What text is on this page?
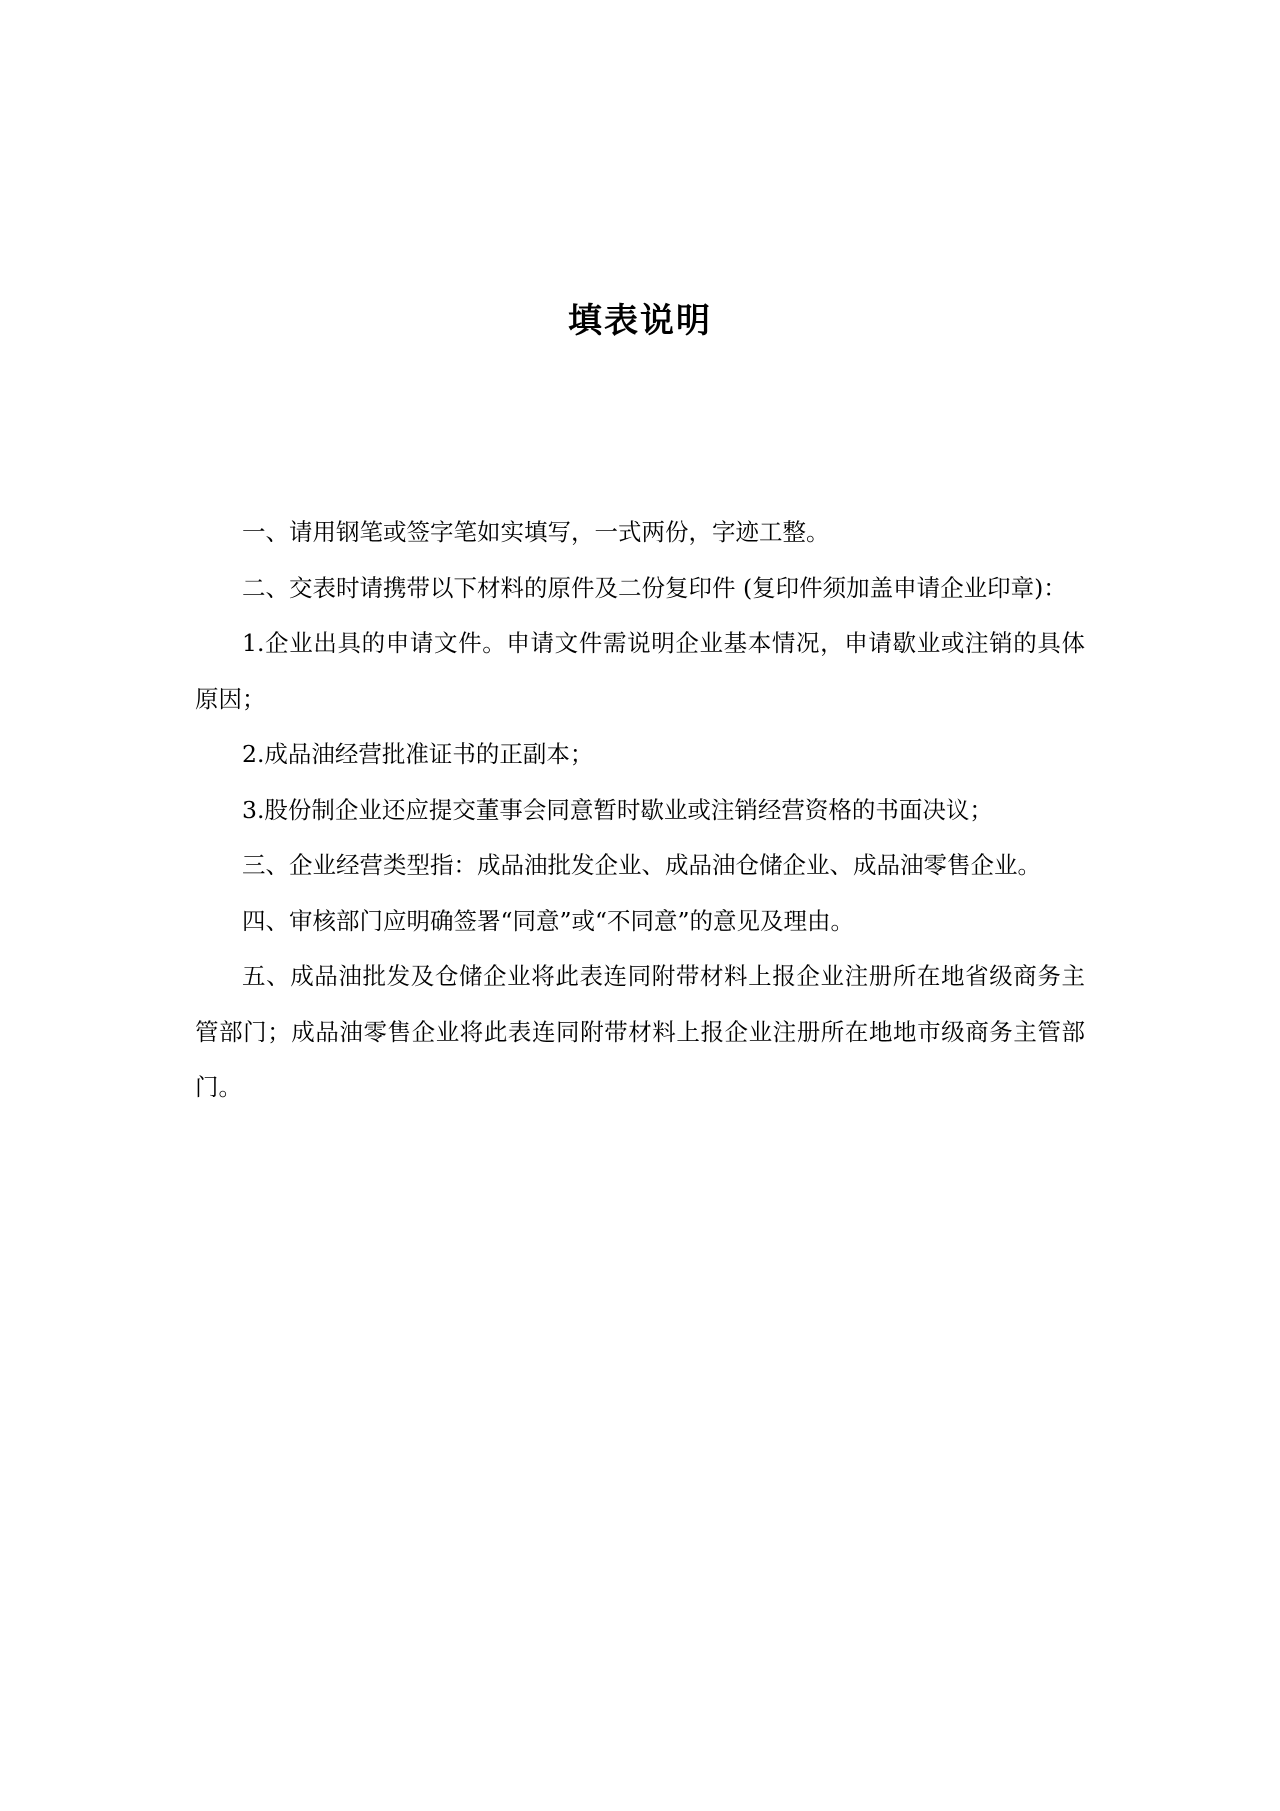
填表说明

一、请用钢笔或签字笔如实填写，一式两份，字迹工整。

二、交表时请携带以下材料的原件及二份复印件 (复印件须加盖申请企业印章)：

1.企业出具的申请文件。申请文件需说明企业基本情况，申请歇业或注销的具体原因；

2.成品油经营批准证书的正副本；

3.股份制企业还应提交董事会同意暂时歇业或注销经营资格的书面决议；

三、企业经营类型指：成品油批发企业、成品油仓储企业、成品油零售企业。

四、审核部门应明确签署“同意”或“不同意”的意见及理由。

五、成品油批发及仓储企业将此表连同附带材料上报企业注册所在地省级商务主管部门；成品油零售企业将此表连同附带材料上报企业注册所在地地市级商务主管部门。
